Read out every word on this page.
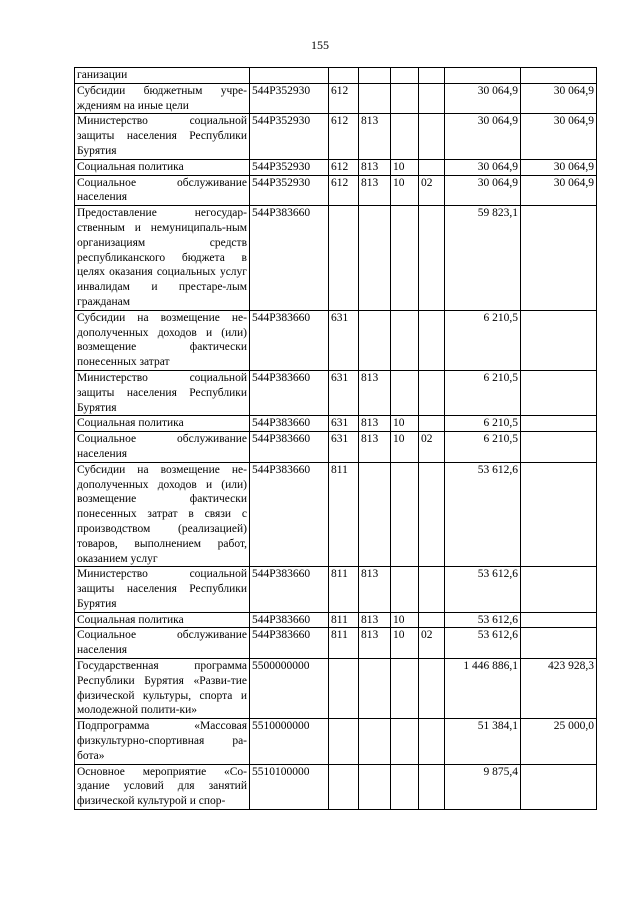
155
ганизации							
Субсидии бюджетным учре-ждениям на иные цели	544P352930	612				30 064,9	30 064,9
Министерство социальной защиты населения Республики Бурятия	544P352930	612	813			30 064,9	30 064,9
Социальная политика	544P352930	612	813	10		30 064,9	30 064,9
Социальное обслуживание населения	544P352930	612	813	10	02	30 064,9	30 064,9
Предоставление негосудар-ственным и немуниципаль-ным организациям средств республиканского бюджета в целях оказания социальных услуг инвалидам и престаре-лым гражданам	544P383660					59 823,1	
Субсидии на возмещение не-дополученных доходов и (или) возмещение фактически понесенных затрат	544P383660	631				6 210,5	
Министерство социальной защиты населения Республики Бурятия	544P383660	631	813			6 210,5	
Социальная политика	544P383660	631	813	10		6 210,5	
Социальное обслуживание населения	544P383660	631	813	10	02	6 210,5	
Субсидии на возмещение не-дополученных доходов и (или) возмещение фактически понесенных затрат в связи с производством (реализацией) товаров, выполнением работ, оказанием услуг	544P383660	811				53 612,6	
Министерство социальной защиты населения Республики Бурятия	544P383660	811	813			53 612,6	
Социальная политика	544P383660	811	813	10		53 612,6	
Социальное обслуживание населения	544P383660	811	813	10	02	53 612,6	
Государственная программа Республики Бурятия «Разви-тие физической культуры, спорта и молодежной полити-ки»	5500000000					1 446 886,1	423 928,3
Подпрограмма «Массовая физкультурно-спортивная ра-бота»	5510000000					51 384,1	25 000,0
Основное мероприятие «Со-здание условий для занятий физической культурой и спор-	5510100000					9 875,4	
